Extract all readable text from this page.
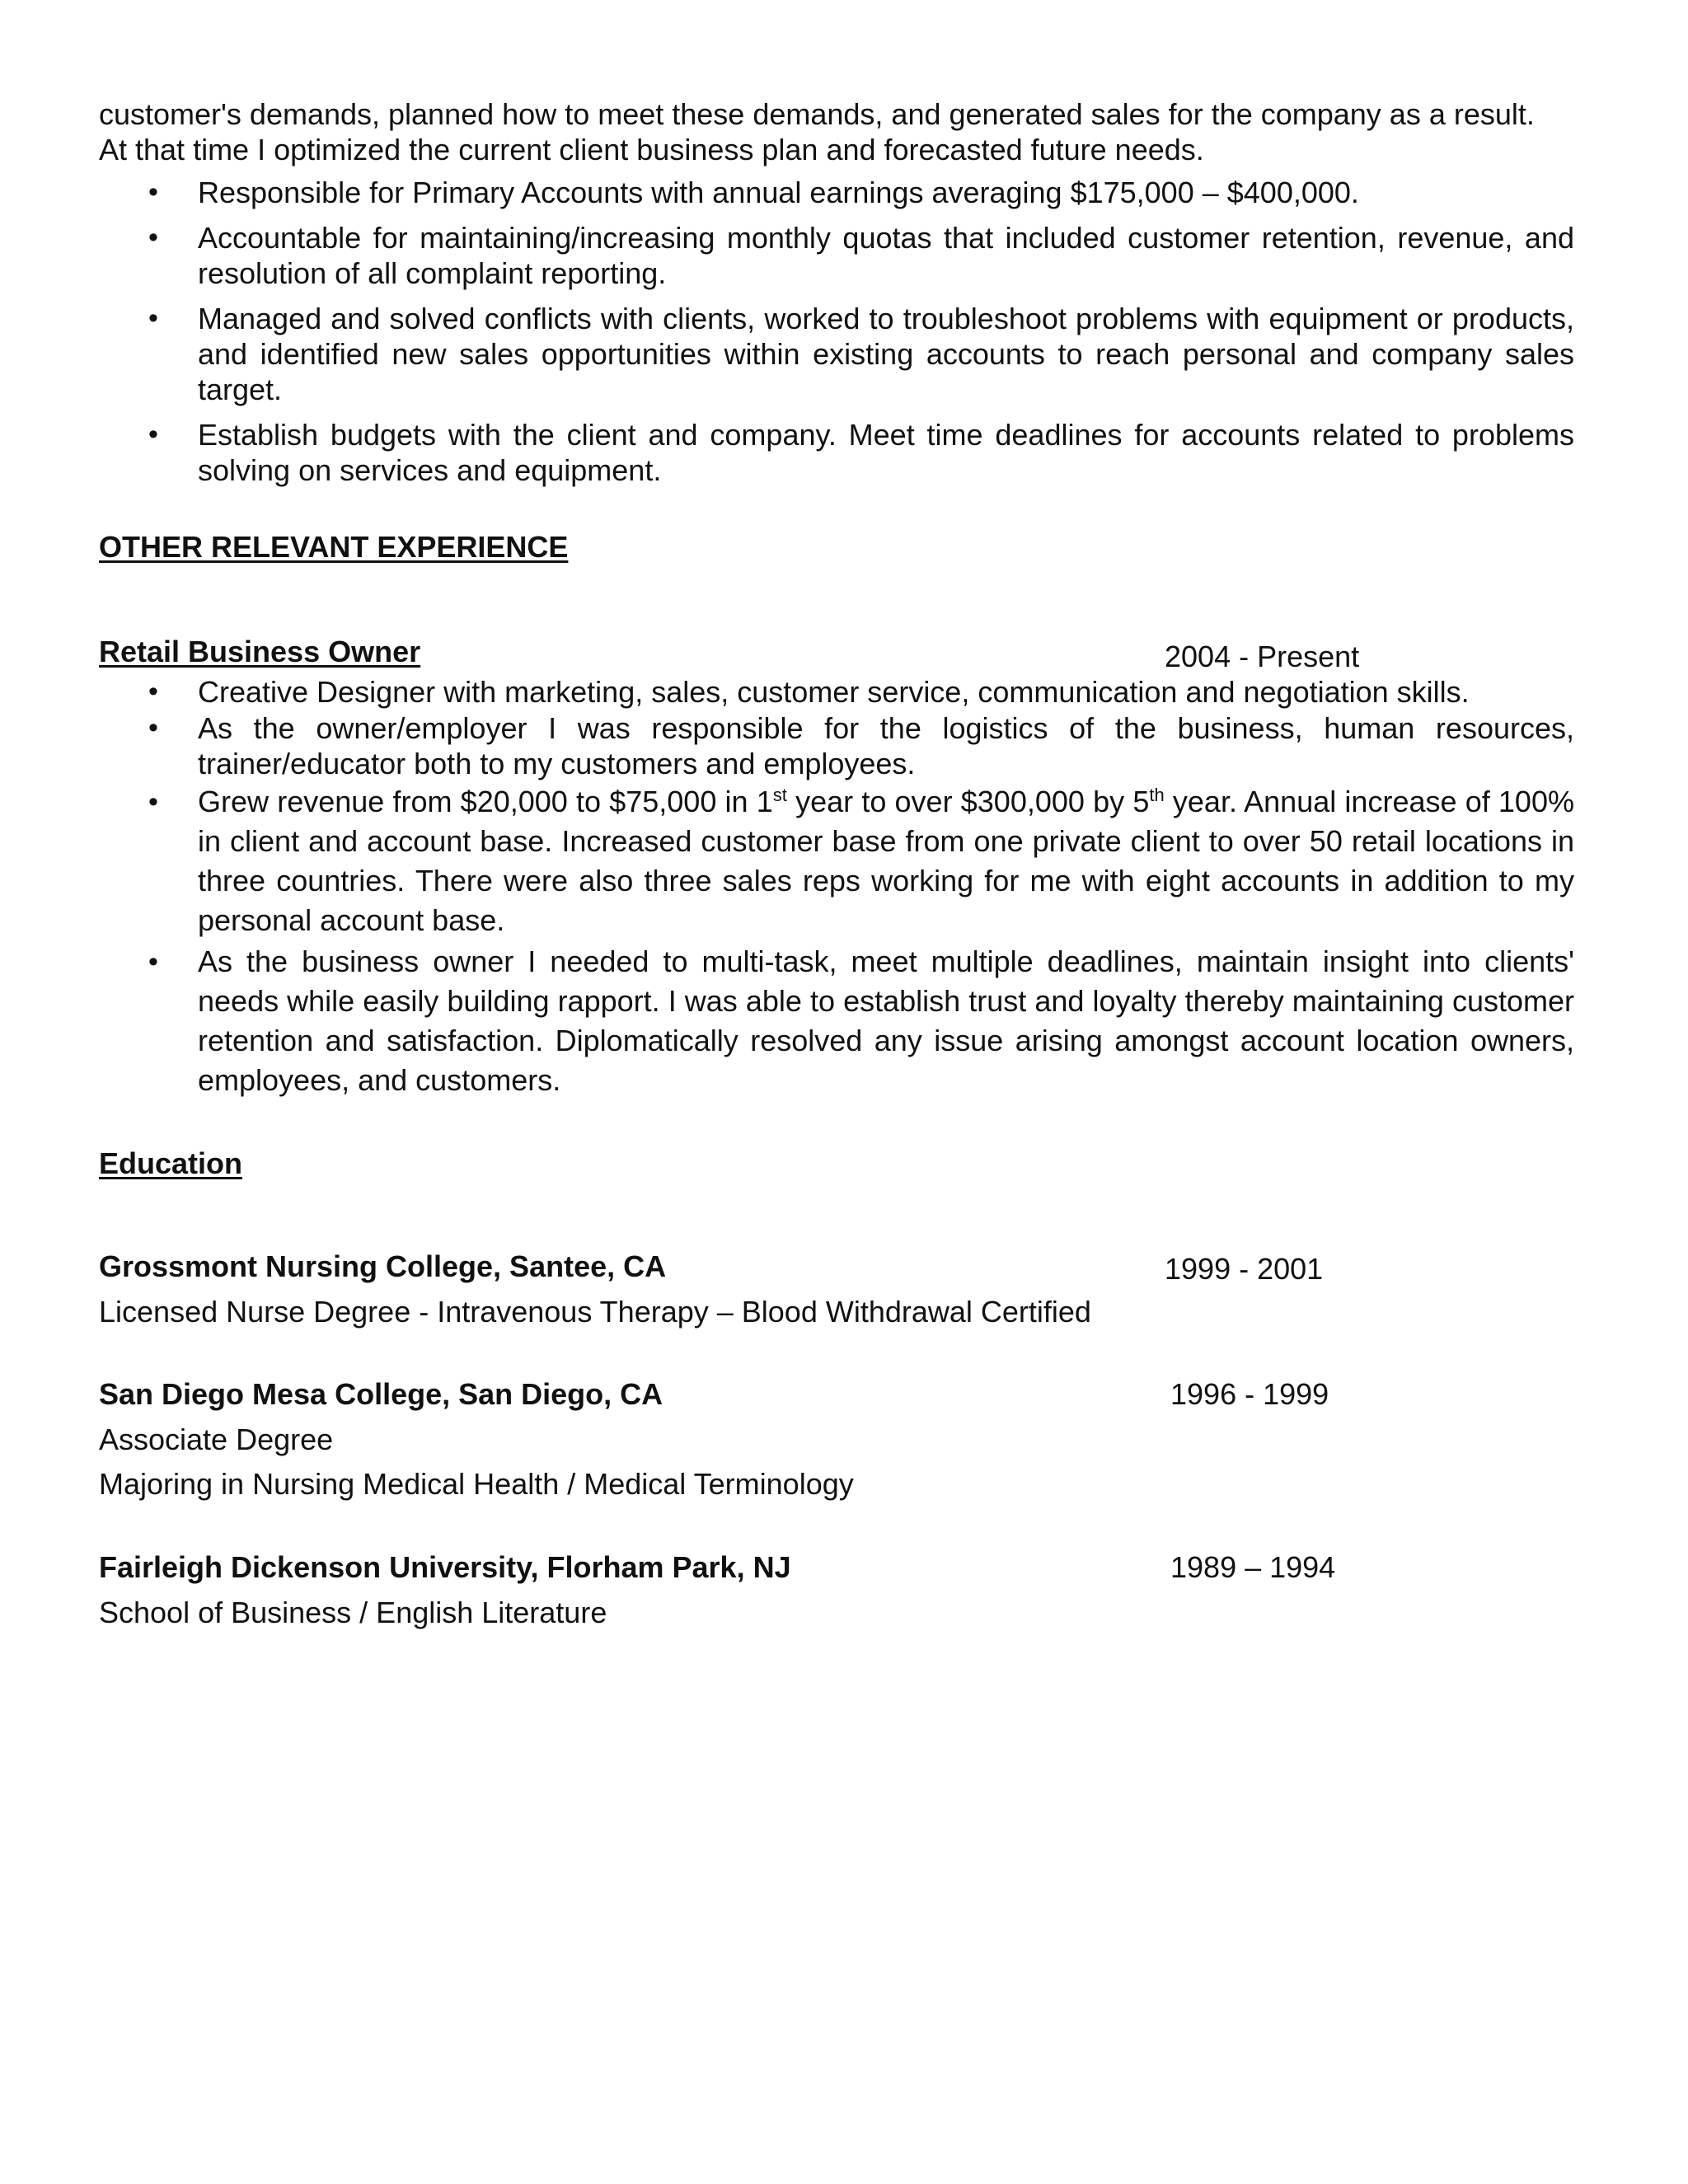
customer's demands, planned how to meet these demands, and generated sales for the company as a result.
At that time I optimized the current client business plan and forecasted future needs.
• Responsible for Primary Accounts with annual earnings averaging $175,000 – $400,000.
• Accountable for maintaining/increasing monthly quotas that included customer retention, revenue, and resolution of all complaint reporting.
• Managed and solved conflicts with clients, worked to troubleshoot problems with equipment or products, and identified new sales opportunities within existing accounts to reach personal and company sales target.
• Establish budgets with the client and company. Meet time deadlines for accounts related to problems solving on services and equipment.
OTHER RELEVANT EXPERIENCE
Retail Business Owner	2004 - Present
• Creative Designer with marketing, sales, customer service, communication and negotiation skills.
• As the owner/employer I was responsible for the logistics of the business, human resources, trainer/educator both to my customers and employees.
• Grew revenue from $20,000 to $75,000 in 1st year to over $300,000 by 5th year. Annual increase of 100% in client and account base. Increased customer base from one private client to over 50 retail locations in three countries. There were also three sales reps working for me with eight accounts in addition to my personal account base.
• As the business owner I needed to multi-task, meet multiple deadlines, maintain insight into clients' needs while easily building rapport. I was able to establish trust and loyalty thereby maintaining customer retention and satisfaction. Diplomatically resolved any issue arising amongst account location owners, employees, and customers.
Education
Grossmont Nursing College, Santee, CA	1999 - 2001
Licensed Nurse Degree - Intravenous Therapy – Blood Withdrawal Certified
San Diego Mesa College, San Diego, CA	1996 - 1999
Associate Degree
Majoring in Nursing Medical Health / Medical Terminology
Fairleigh Dickenson University, Florham Park, NJ	1989 – 1994
School of Business / English Literature
